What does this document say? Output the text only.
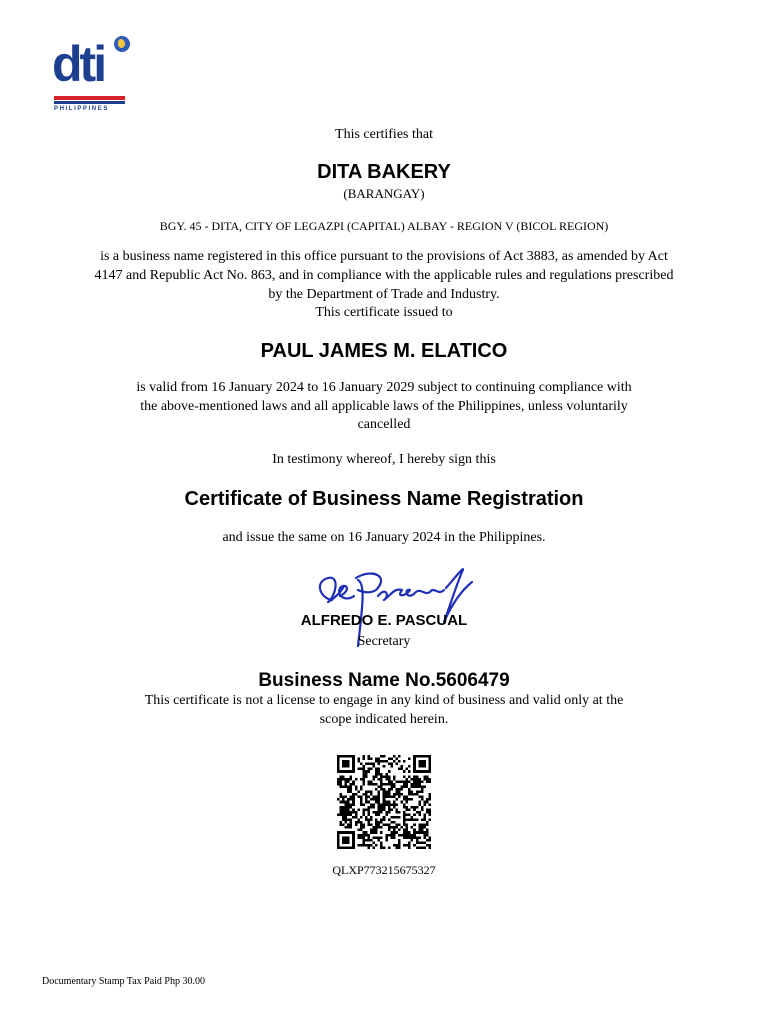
dti
PHILIPPINES
This certifies that
DITA BAKERY
(BARANGAY)
BGY. 45 - DITA, CITY OF LEGAZPI (CAPITAL) ALBAY - REGION V (BICOL REGION)
is a business name registered in this office pursuant to the provisions of Act 3883, as amended by Act
4147 and Republic Act No. 863, and in compliance with the applicable rules and regulations prescribed
by the Department of Trade and Industry.
This certificate issued to
PAUL JAMES M. ELATICO
is valid from 16 January 2024 to 16 January 2029 subject to continuing compliance with
the above-mentioned laws and all applicable laws of the Philippines, unless voluntarily
cancelled
In testimony whereof, I hereby sign this
Certificate of Business Name Registration
and issue the same on 16 January 2024 in the Philippines.
ALFREDO E. PASCUAL
Secretary
Business Name No.5606479
This certificate is not a license to engage in any kind of business and valid only at the
scope indicated herein.
QLXP773215675327
Documentary Stamp Tax Paid Php 30.00
